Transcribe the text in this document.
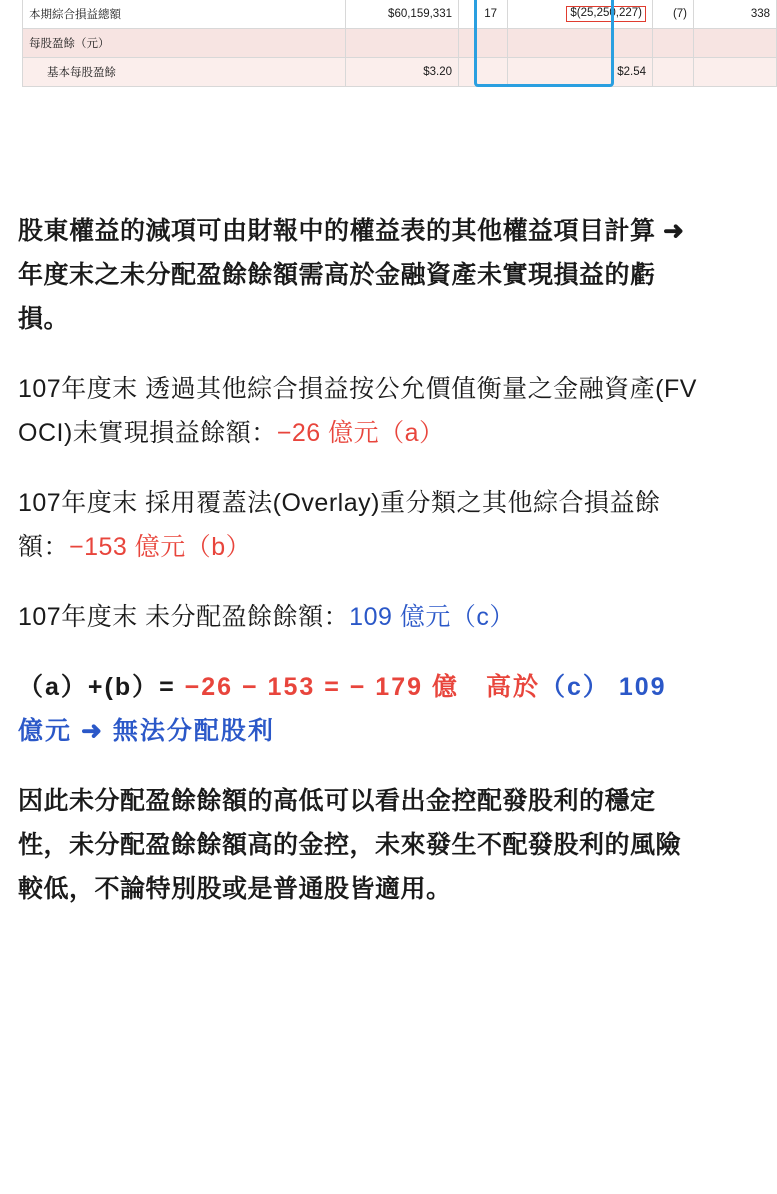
本期綜合損益總額	$60,159,331	17	$(25,250,227)	(7)	338
每股盈餘（元）					
基本每股盈餘	$3.20		$2.54		

股東權益的減項可由財報中的權益表的其他權益項目計算 ➜ 年度末之未分配盈餘餘額需高於金融資產未實現損益的虧損。

107年度末 透過其他綜合損益按公允價值衡量之金融資產(FVOCI)未實現損益餘額：−26 億元（a）

107年度末 採用覆蓋法(Overlay)重分類之其他綜合損益餘額：−153 億元（b）

107年度末 未分配盈餘餘額：109 億元（c）

（a）+(b）= −26 − 153 = − 179 億　高於（c） 109 億元 ➜ 無法分配股利

因此未分配盈餘餘額的高低可以看出金控配發股利的穩定性，未分配盈餘餘額高的金控，未來發生不配發股利的風險較低，不論特別股或是普通股皆適用。
